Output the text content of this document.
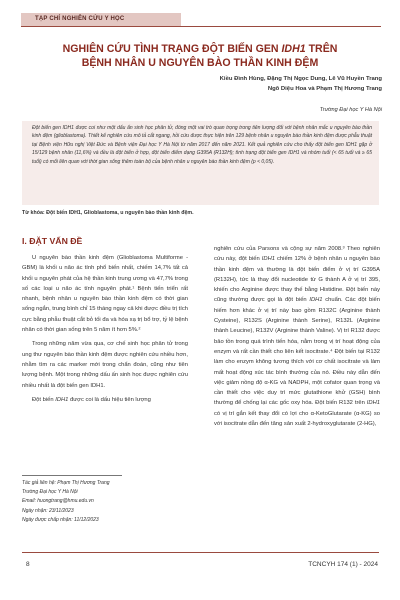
TẠP CHÍ NGHIÊN CỨU Y HỌC
NGHIÊN CỨU TÌNH TRẠNG ĐỘT BIẾN GEN IDH1 TRÊN
BỆNH NHÂN U NGUYÊN BÀO THẦN KINH ĐỆM
Kiều Đình Hùng, Đặng Thị Ngọc Dung, Lê Vũ Huyền Trang
Ngô Diệu Hoa và Phạm Thị Hương Trang
Trường Đại học Y Hà Nội
Đột biến gen IDH1 được coi như một dấu ấn sinh học phân tử, đóng một vai trò quan trọng trong tiên lượng đối với bệnh nhân mắc u nguyên bào thần kinh đệm (glioblastoma). Thiết kế nghiên cứu mô tả cắt ngang, hồi cứu được thực hiện trên 129 bệnh nhân u nguyên bào thần kinh đệm được phẫu thuật tại Bệnh viện Hữu nghị Việt Đức và Bệnh viện Đại học Y Hà Nội từ năm 2017 đến năm 2021. Kết quả nghiên cứu cho thấy đột biến gen IDH1 gặp ở 15/129 bệnh nhân (11,6%) và đều là đột biến ở hợp, đột biến điểm dạng G395A (R132H); tình trạng đột biến gen IDH1 và nhóm tuổi (< 65 tuổi và ≥ 65 tuổi) có mối liên quan với thời gian sống thêm toàn bộ của bệnh nhân u nguyên bào thần kinh đệm (p < 0,05).
Từ khóa: Đột biến IDH1, Glioblastoma, u nguyên bào thần kinh đệm.
I. ĐẶT VẤN ĐỀ

U nguyên bào thần kinh đệm (Glioblastoma Multiforme - GBM) là khối u não ác tính phổ biến nhất, chiếm 14,7% tất cả khối u nguyên phát của hệ thần kinh trung ương và 47,7% trong số các loại u não ác tính nguyên phát.¹ Bệnh tiến triển rất nhanh, bệnh nhân u nguyên bào thần kinh đệm có thời gian sống ngắn, trung bình chỉ 15 tháng ngay cả khi được điều trị tích cực bằng phẫu thuật cắt bỏ tối đa và hóa xạ trị bổ trợ, tỷ lệ bệnh nhân có thời gian sống trên 5 năm ít hơn 5%.²

Trong những năm vừa qua, cơ chế sinh học phân tử trong ung thư nguyên bào thần kinh đệm được nghiên cứu nhiều hơn, nhằm tìm ra các marker mới trong chẩn đoán, cũng như tiên lượng bệnh. Một trong những dấu ấn sinh học được nghiên cứu nhiều nhất là đột biến gen IDH1.

Đột biến IDH1 được coi là dấu hiệu tiên lượng

Tác giả liên hệ: Phạm Thị Hương Trang
Trường Đại học Y Hà Nội
Email: huongtrang@hmu.edu.vn
Ngày nhận: 23/11/2023
Ngày được chấp nhận: 11/12/2023

nghiên cứu của Parsons và cộng sự năm 2008.³ Theo nghiên cứu này, đột biến IDH1 chiếm 12% ở bệnh nhân u nguyên bào thần kinh đệm và thường là đột biến điểm ở vị trí G395A (R132H), tức là thay đổi nucleotide từ G thành A ở vị trí 395, khiến cho Arginine được thay thế bằng Histidine. Đột biến này cũng thường được gọi là đột biến IDH1 chuẩn. Các đột biến hiếm hơn khác ở vị trí này bao gồm R132C (Arginine thành Cysteine), R132S (Arginine thành Serine), R132L (Arginine thành Leucine), R132V (Arginine thành Valine). Vị trí R132 được bảo tồn trong quá trình tiến hóa, nằm trong vị trí hoạt động của enzym và rất cần thiết cho liên kết isocitrate.⁴ Đột biến tại R132 làm cho enzym không tương thích với cơ chất isocitrate và làm mất hoạt động xúc tác bình thường của nó. Điều này dẫn đến việc giảm nồng độ α-KG và NADPH, một cofator quan trọng và cần thiết cho việc duy trì mức glutathione khử (GSH) bình thường để chống lại các gốc oxy hóa. Đột biến R132 trên IDH1 có vị trí gắn kết thay đổi có lợi cho α-KetoGlutarate (α-KG) so với isocitrate dẫn đến tăng sản xuất 2-hydroxyglutarate (2-HG),

8	TCNCYH 174 (1) - 2024
